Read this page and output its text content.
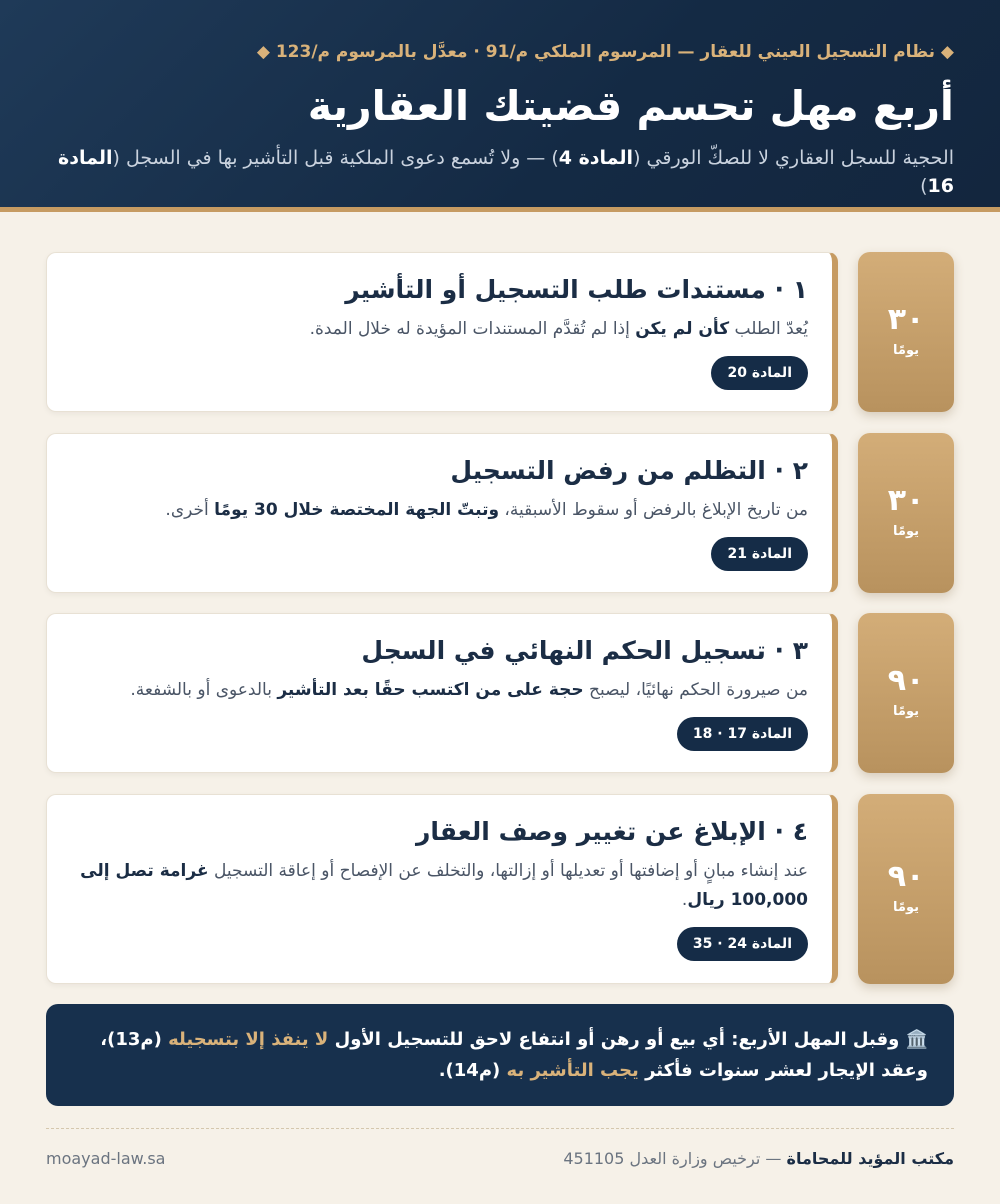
◆ نظام التسجيل العيني للعقار — المرسوم الملكي م/91 · معدَّل بالمرسوم م/123 ◆
أربع مهل تحسم قضيتك العقارية

الحجية للسجل العقاري لا للصكّ الورقي (المادة 4) — ولا تُسمع دعوى الملكية قبل التأشير بها في السجل (المادة 16)

٣٠
يومًا
١ · مستندات طلب التسجيل أو التأشير

يُعدّ الطلب كأن لم يكن إذا لم تُقدَّم المستندات المؤيدة له خلال المدة.

المادة 20
٣٠
يومًا
٢ · التظلم من رفض التسجيل

من تاريخ الإبلاغ بالرفض أو سقوط الأسبقية، وتبتّ الجهة المختصة خلال 30 يومًا أخرى.

المادة 21
٩٠
يومًا
٣ · تسجيل الحكم النهائي في السجل

من صيرورة الحكم نهائيًا، ليصبح حجة على من اكتسب حقًا بعد التأشير بالدعوى أو بالشفعة.

المادة 17 · 18
٩٠
يومًا
٤ · الإبلاغ عن تغيير وصف العقار

عند إنشاء مبانٍ أو إضافتها أو تعديلها أو إزالتها، والتخلف عن الإفصاح أو إعاقة التسجيل غرامة تصل إلى 100,000 ريال.

المادة 24 · 35
🏛️ وقبل المهل الأربع: أي بيع أو رهن أو انتفاع لاحق للتسجيل الأول لا ينفذ إلا بتسجيله (م13)، وعقد الإيجار لعشر سنوات فأكثر يجب التأشير به (م14).
مكتب المؤيد للمحاماة — ترخيص وزارة العدل 451105
moayad-law.sa
